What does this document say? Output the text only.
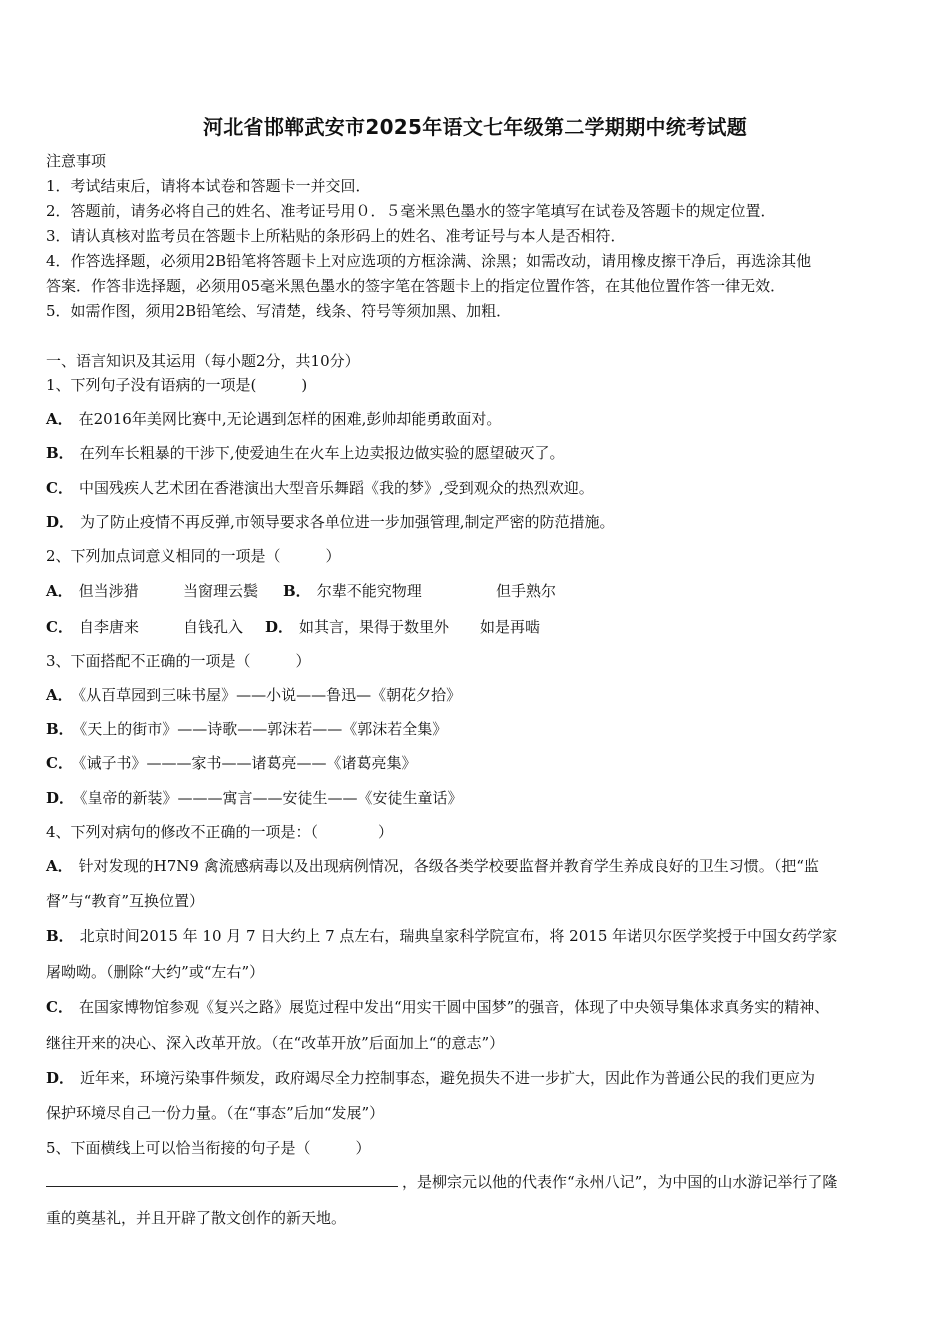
河北省邯郸武安市2025年语文七年级第二学期期中统考试题
注意事项
1．考试结束后，请将本试卷和答题卡一并交回．
2．答题前，请务必将自己的姓名、准考证号用０．５毫米黑色墨水的签字笔填写在试卷及答题卡的规定位置．
3．请认真核对监考员在答题卡上所粘贴的条形码上的姓名、准考证号与本人是否相符．
4．作答选择题，必须用2B铅笔将答题卡上对应选项的方框涂满、涂黑；如需改动，请用橡皮擦干净后，再选涂其他
答案．作答非选择题，必须用05毫米黑色墨水的签字笔在答题卡上的指定位置作答，在其他位置作答一律无效．
5．如需作图，须用2B铅笔绘、写清楚，线条、符号等须加黑、加粗．
一、语言知识及其运用（每小题2分，共10分）
1、下列句子没有语病的一项是(　　　)
A． 在2016年美网比赛中,无论遇到怎样的困难,彭帅却能勇敢面对。
B． 在列车长粗暴的干涉下,使爱迪生在火车上边卖报边做实验的愿望破灭了。
C． 中国残疾人艺术团在香港演出大型音乐舞蹈《我的梦》,受到观众的热烈欢迎。
D． 为了防止疫情不再反弹,市领导要求各单位进一步加强管理,制定严密的防范措施。
2、下列加点词意义相同的一项是（　　　）
A． 但当涉猎	当窗理云鬓 B． 尔辈不能究物理	但手熟尔
C． 自李唐来	自钱孔入 D． 如其言，果得于数里外 如是再啮
3、下面搭配不正确的一项是（　　　）
A． 《从百草园到三味书屋》——小说——鲁迅—《朝花夕拾》
B． 《天上的街市》——诗歌——郭沫若——《郭沫若全集》
C． 《诫子书》———家书——诸葛亮——《诸葛亮集》
D． 《皇帝的新装》———寓言——安徒生——《安徒生童话》
4、下列对病句的修改不正确的一项是：（　　　　）
A． 针对发现的H7N9 禽流感病毒以及出现病例情况，各级各类学校要监督并教育学生养成良好的卫生习惯。（把“监
督”与“教育”互换位置）
B． 北京时间2015 年 10 月 7 日大约上 7 点左右，瑞典皇家科学院宣布，将 2015 年诺贝尔医学奖授于中国女药学家
屠呦呦。（删除“大约”或“左右”）
C． 在国家博物馆参观《复兴之路》展览过程中发出“用实干圆中国梦”的强音，体现了中央领导集体求真务实的精神、
继往开来的决心、深入改革开放。（在“改革开放”后面加上“的意志”）
D． 近年来，环境污染事件频发，政府竭尽全力控制事态，避免损失不进一步扩大，因此作为普通公民的我们更应为
保护环境尽自己一份力量。（在“事态”后加“发展”）
5、下面横线上可以恰当衔接的句子是（　　　）
，是柳宗元以他的代表作“永州八记”，为中国的山水游记举行了隆
重的奠基礼，并且开辟了散文创作的新天地。
